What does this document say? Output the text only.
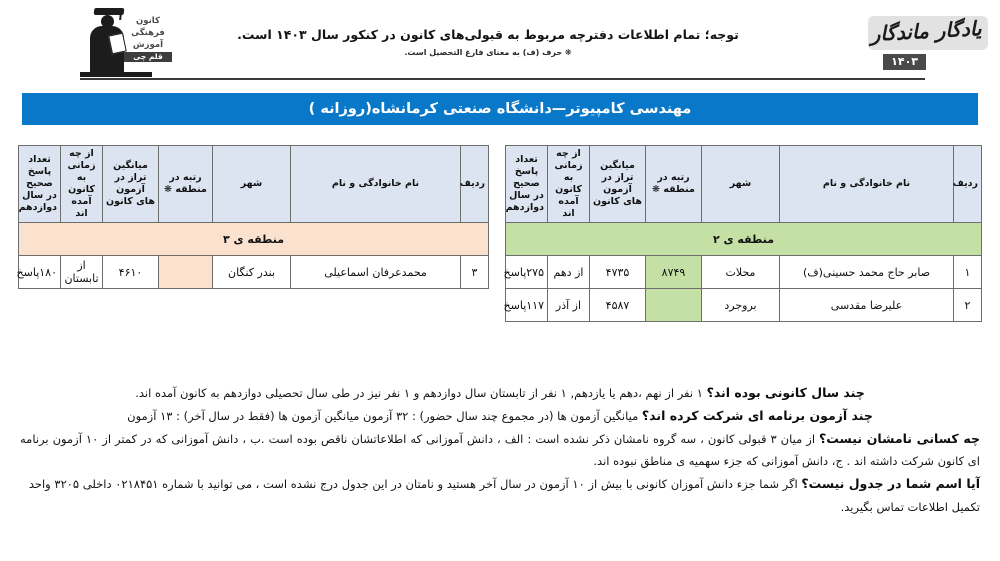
کانون
فرهنگی
آموزش
قلم چی
توجه؛ تمام اطلاعات دفترچه مربوط به قبولی‌های کانون در کنکور سال ۱۴۰۳ است.
❋ حرف (ف) به معنای فارغ التحصیل است.
یادگار ماندگار
۱۴۰۳
مهندسی کامپیوتر—دانشگاه صنعتی کرمانشاه(روزانه )
ردیف	نام خانوادگی و نام	شهر	رتبه در منطقه ❋	میانگین تراز در آزمون های کانون	از چه زمانی به کانون آمده اند	تعداد پاسخ صحیح در سال دوازدهم
منطقه ی ۲						
۱	صابر حاج محمد حسینی(ف)	محلات	۸۷۴۹	۴۷۳۵	از دهم	۲۷۵پاسخ
۲	علیرضا مقدسی	بروجرد		۴۵۸۷	از آذر	۱۱۷پاسخ
ردیف	نام خانوادگی و نام	شهر	رتبه در منطقه ❋	میانگین تراز در آزمون های کانون	از چه زمانی به کانون آمده اند	تعداد پاسخ صحیح در سال دوازدهم
منطقه ی ۳						
۳	محمدعرفان اسماعیلی	بندر کنگان		۴۶۱۰	از تابستان	۱۸۰پاسخ

چند سال کانونی بوده اند؟ ۱ نفر از نهم ،دهم یا یازدهم, ۱ نفر از تابستان سال دوازدهم و ۱ نفر نیز در طی سال تحصیلی دوازدهم به کانون آمده اند.

چند آزمون برنامه ای شرکت کرده اند؟ میانگین آزمون ها (در مجموع چند سال حضور) : ۳۲ آزمون میانگین آزمون ها (فقط در سال آخر) : ۱۳ آزمون

چه کسانی نامشان نیست؟ از میان ۳ قبولی کانون ، سه گروه نامشان ذکر نشده است : الف ، دانش آموزانی که اطلاعاتشان ناقص بوده است .ب ، دانش آموزانی که در کمتر از ۱۰ آزمون برنامه ای کانون شرکت داشته اند . ج، دانش آموزانی که جزء سهمیه ی مناطق نبوده اند.

آیا اسم شما در جدول نیست؟ اگر شما جزء دانش آموزان کانونی با بیش از ۱۰ آزمون در سال آخر هستید و نامتان در این جدول درج نشده است ، می توانید با شماره ۰۲۱۸۴۵۱ داخلی ۳۲۰۵ واحد

تکمیل اطلاعات تماس بگیرید.
